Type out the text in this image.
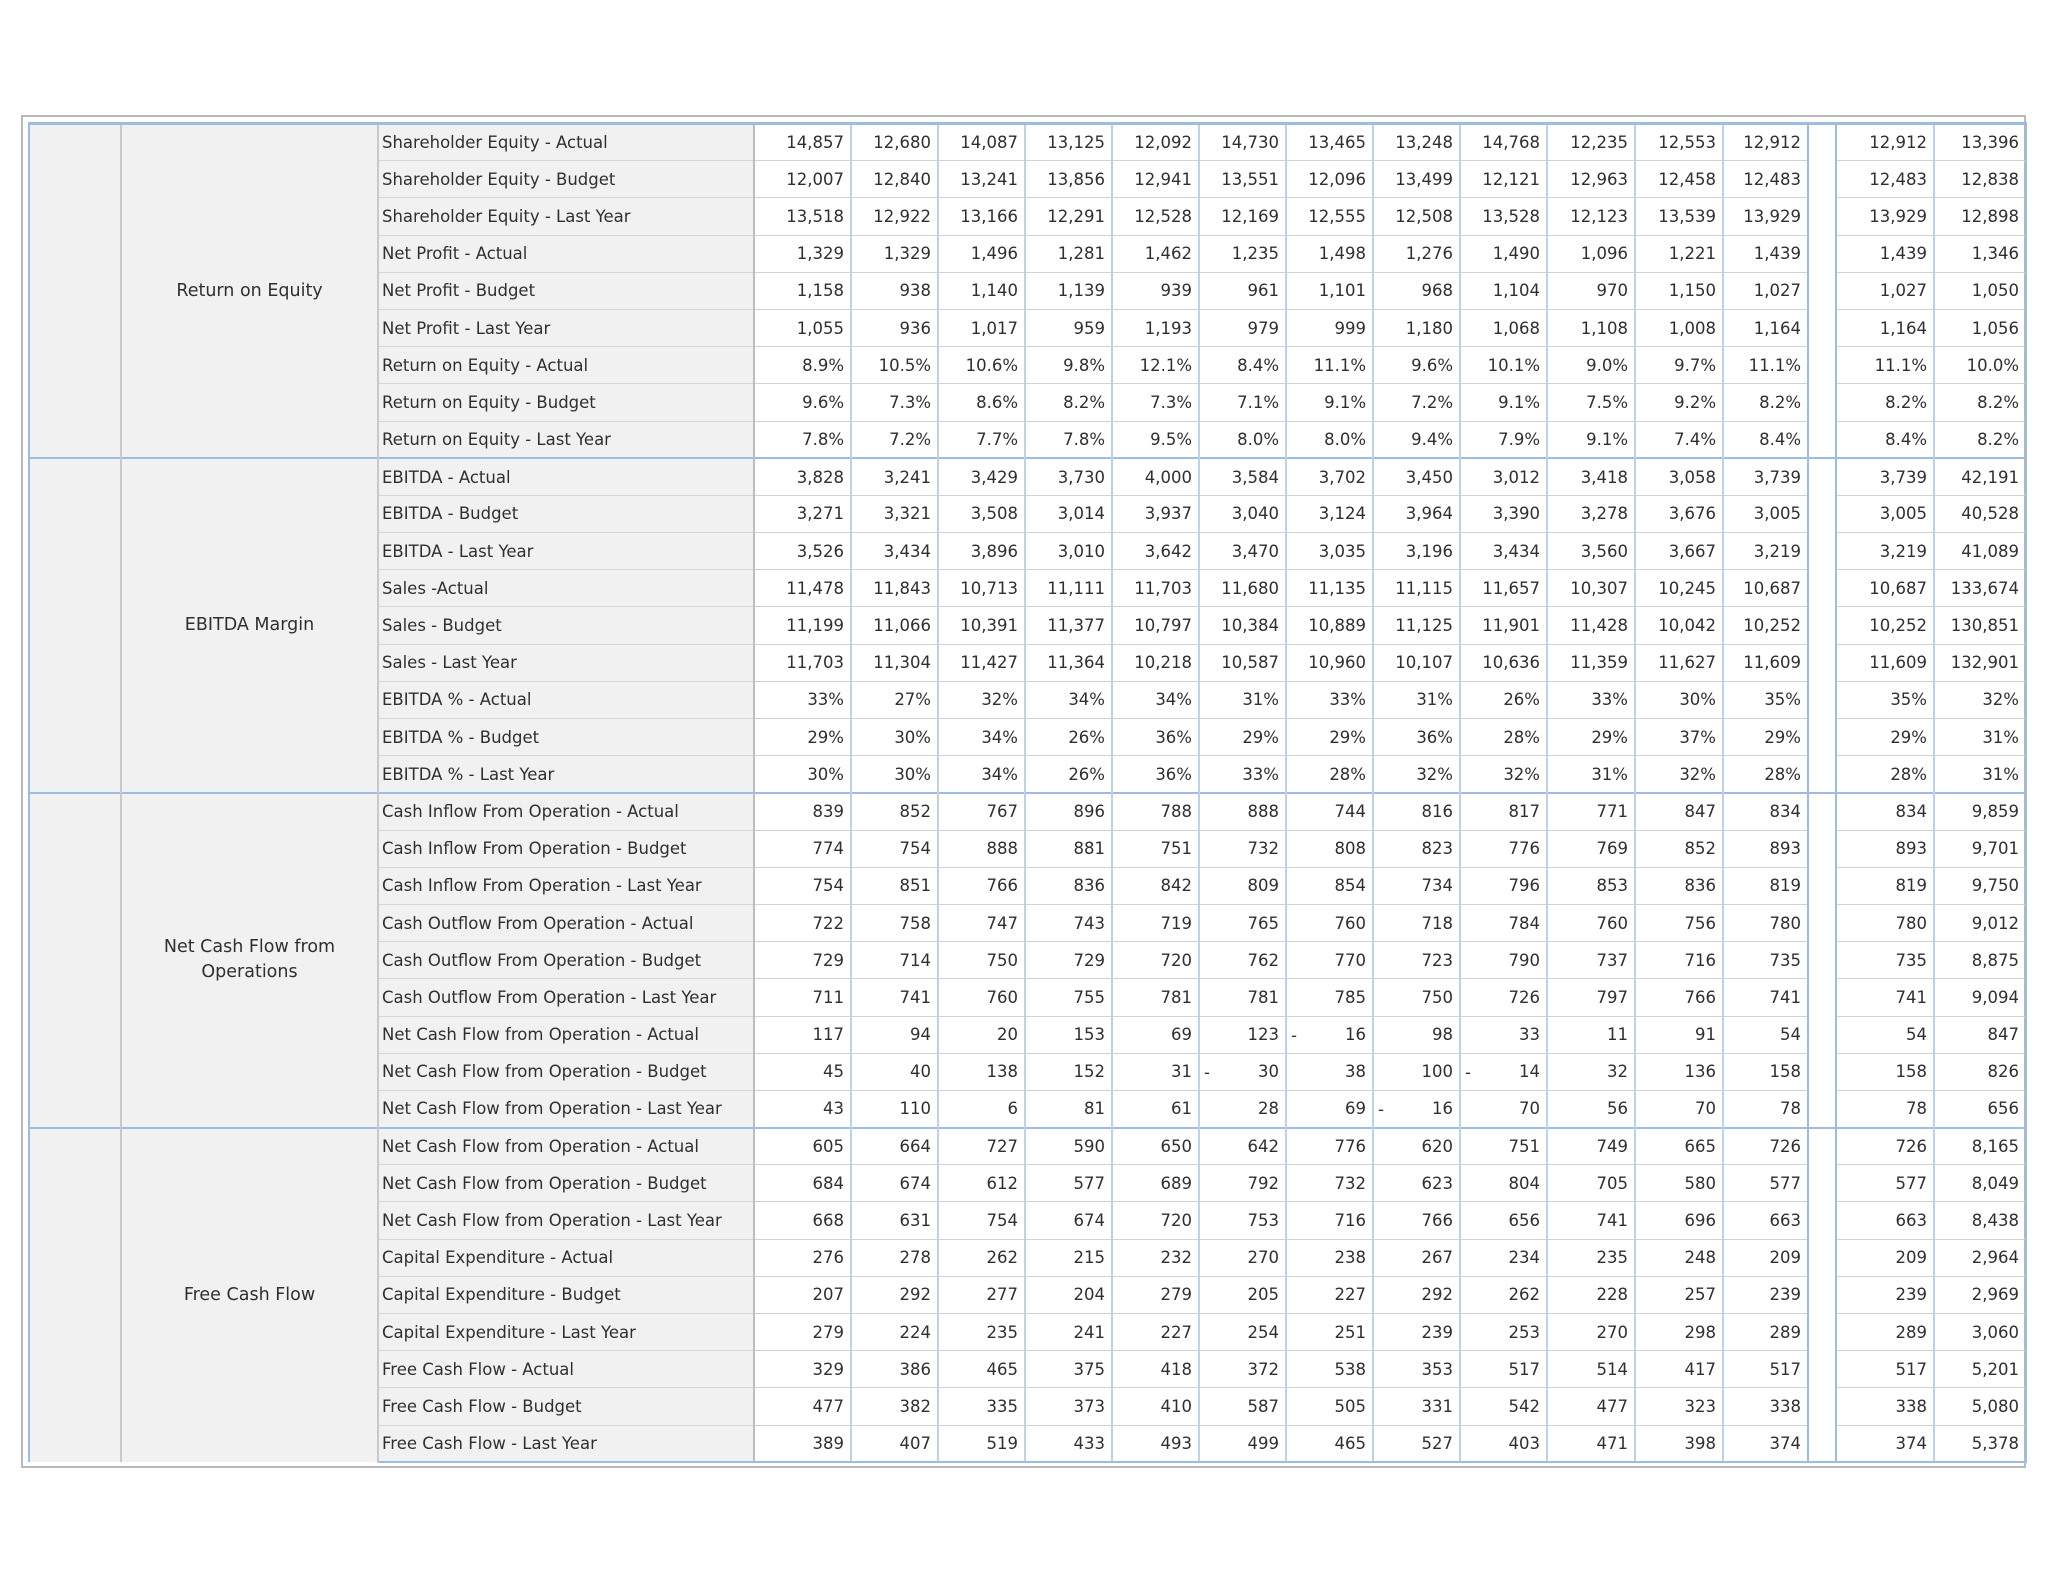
	Return on Equity	Shareholder Equity - Actual	14,857	12,680	14,087	13,125	12,092	14,730	13,465	13,248	14,768	12,235	12,553	12,912		12,912	13,396
		Shareholder Equity - Budget	12,007	12,840	13,241	13,856	12,941	13,551	12,096	13,499	12,121	12,963	12,458	12,483		12,483	12,838
		Shareholder Equity - Last Year	13,518	12,922	13,166	12,291	12,528	12,169	12,555	12,508	13,528	12,123	13,539	13,929		13,929	12,898
		Net Profit - Actual	1,329	1,329	1,496	1,281	1,462	1,235	1,498	1,276	1,490	1,096	1,221	1,439		1,439	1,346
		Net Profit - Budget	1,158	938	1,140	1,139	939	961	1,101	968	1,104	970	1,150	1,027		1,027	1,050
		Net Profit - Last Year	1,055	936	1,017	959	1,193	979	999	1,180	1,068	1,108	1,008	1,164		1,164	1,056
		Return on Equity - Actual	8.9%	10.5%	10.6%	9.8%	12.1%	8.4%	11.1%	9.6%	10.1%	9.0%	9.7%	11.1%		11.1%	10.0%
		Return on Equity - Budget	9.6%	7.3%	8.6%	8.2%	7.3%	7.1%	9.1%	7.2%	9.1%	7.5%	9.2%	8.2%		8.2%	8.2%
		Return on Equity - Last Year	7.8%	7.2%	7.7%	7.8%	9.5%	8.0%	8.0%	9.4%	7.9%	9.1%	7.4%	8.4%		8.4%	8.2%
	EBITDA Margin	EBITDA - Actual	3,828	3,241	3,429	3,730	4,000	3,584	3,702	3,450	3,012	3,418	3,058	3,739		3,739	42,191
		EBITDA - Budget	3,271	3,321	3,508	3,014	3,937	3,040	3,124	3,964	3,390	3,278	3,676	3,005		3,005	40,528
		EBITDA - Last Year	3,526	3,434	3,896	3,010	3,642	3,470	3,035	3,196	3,434	3,560	3,667	3,219		3,219	41,089
		Sales -Actual	11,478	11,843	10,713	11,111	11,703	11,680	11,135	11,115	11,657	10,307	10,245	10,687		10,687	133,674
		Sales - Budget	11,199	11,066	10,391	11,377	10,797	10,384	10,889	11,125	11,901	11,428	10,042	10,252		10,252	130,851
		Sales - Last Year	11,703	11,304	11,427	11,364	10,218	10,587	10,960	10,107	10,636	11,359	11,627	11,609		11,609	132,901
		EBITDA % - Actual	33%	27%	32%	34%	34%	31%	33%	31%	26%	33%	30%	35%		35%	32%
		EBITDA % - Budget	29%	30%	34%	26%	36%	29%	29%	36%	28%	29%	37%	29%		29%	31%
		EBITDA % - Last Year	30%	30%	34%	26%	36%	33%	28%	32%	32%	31%	32%	28%		28%	31%
	Net Cash Flow from Operations	Cash Inflow From Operation - Actual	839	852	767	896	788	888	744	816	817	771	847	834		834	9,859
		Cash Inflow From Operation - Budget	774	754	888	881	751	732	808	823	776	769	852	893		893	9,701
		Cash Inflow From Operation - Last Year	754	851	766	836	842	809	854	734	796	853	836	819		819	9,750
		Cash Outflow From Operation - Actual	722	758	747	743	719	765	760	718	784	760	756	780		780	9,012
		Cash Outflow From Operation - Budget	729	714	750	729	720	762	770	723	790	737	716	735		735	8,875
		Cash Outflow From Operation - Last Year	711	741	760	755	781	781	785	750	726	797	766	741		741	9,094
		Net Cash Flow from Operation - Actual	117	94	20	153	69	123	- 16	98	33	11	91	54		54	847
		Net Cash Flow from Operation - Budget	45	40	138	152	31	- 30	38	100	- 14	32	136	158		158	826
		Net Cash Flow from Operation - Last Year	43	110	6	81	61	28	69	- 16	70	56	70	78		78	656
	Free Cash Flow	Net Cash Flow from Operation - Actual	605	664	727	590	650	642	776	620	751	749	665	726		726	8,165
		Net Cash Flow from Operation - Budget	684	674	612	577	689	792	732	623	804	705	580	577		577	8,049
		Net Cash Flow from Operation - Last Year	668	631	754	674	720	753	716	766	656	741	696	663		663	8,438
		Capital Expenditure - Actual	276	278	262	215	232	270	238	267	234	235	248	209		209	2,964
		Capital Expenditure - Budget	207	292	277	204	279	205	227	292	262	228	257	239		239	2,969
		Capital Expenditure - Last Year	279	224	235	241	227	254	251	239	253	270	298	289		289	3,060
		Free Cash Flow - Actual	329	386	465	375	418	372	538	353	517	514	417	517		517	5,201
		Free Cash Flow - Budget	477	382	335	373	410	587	505	331	542	477	323	338		338	5,080
		Free Cash Flow - Last Year	389	407	519	433	493	499	465	527	403	471	398	374		374	5,378
